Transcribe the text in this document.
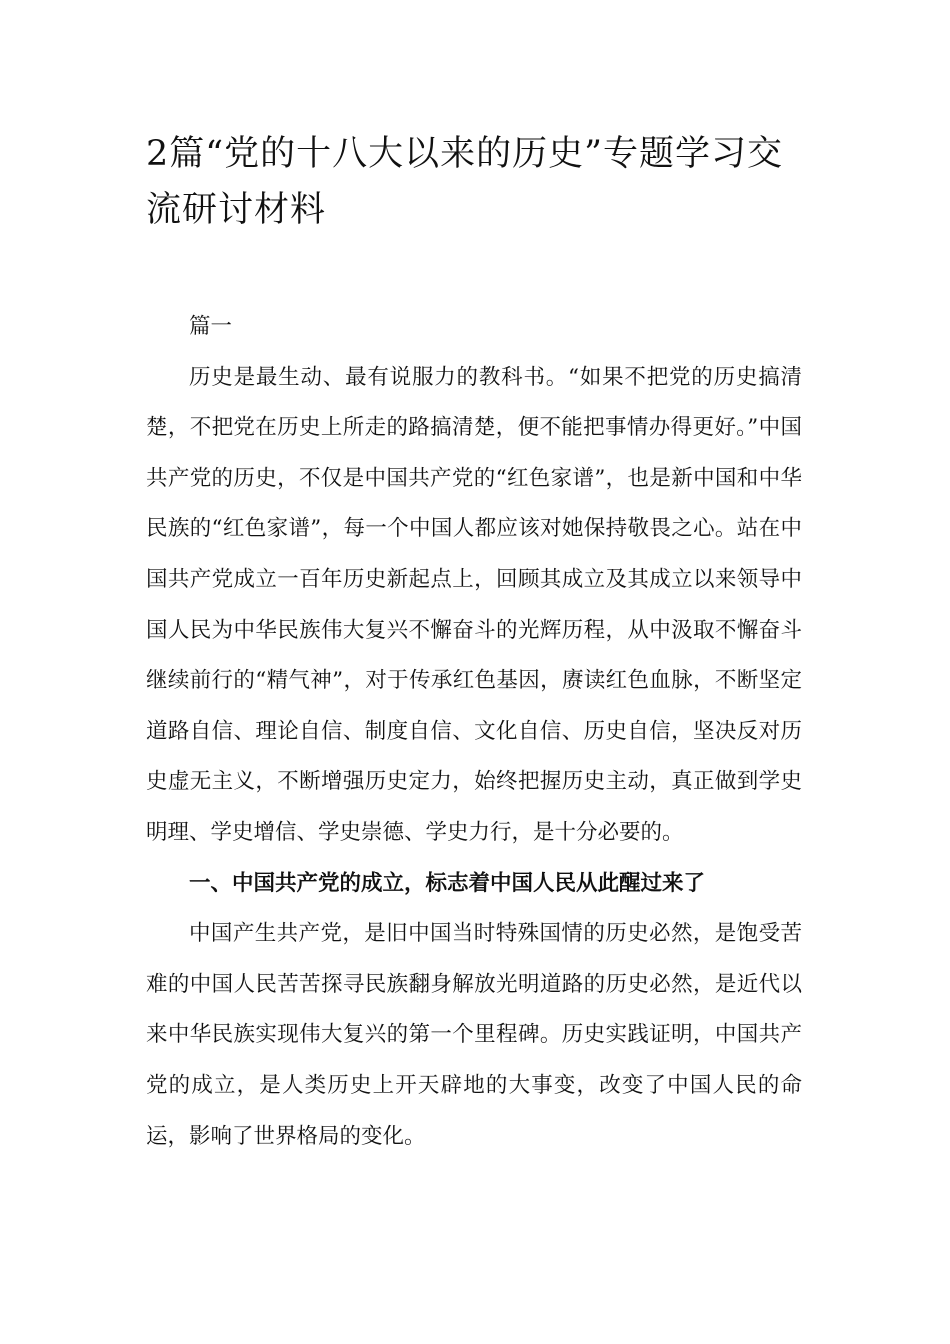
2篇“党的十八大以来的历史”专题学习交流研讨材料

篇一

历史是最生动、最有说服力的教科书。“如果不把党的历史搞清楚，不把党在历史上所走的路搞清楚，便不能把事情办得更好。”中国共产党的历史，不仅是中国共产党的“红色家谱”，也是新中国和中华民族的“红色家谱”，每一个中国人都应该对她保持敬畏之心。站在中国共产党成立一百年历史新起点上，回顾其成立及其成立以来领导中国人民为中华民族伟大复兴不懈奋斗的光辉历程，从中汲取不懈奋斗继续前行的“精气神”，对于传承红色基因，赓读红色血脉，不断坚定道路自信、理论自信、制度自信、文化自信、历史自信，坚决反对历史虚无主义，不断增强历史定力，始终把握历史主动，真正做到学史明理、学史增信、学史崇德、学史力行，是十分必要的。

一、中国共产党的成立，标志着中国人民从此醒过来了

中国产生共产党，是旧中国当时特殊国情的历史必然，是饱受苦难的中国人民苦苦探寻民族翻身解放光明道路的历史必然，是近代以来中华民族实现伟大复兴的第一个里程碑。历史实践证明，中国共产党的成立，是人类历史上开天辟地的大事变，改变了中国人民的命运，影响了世界格局的变化。
